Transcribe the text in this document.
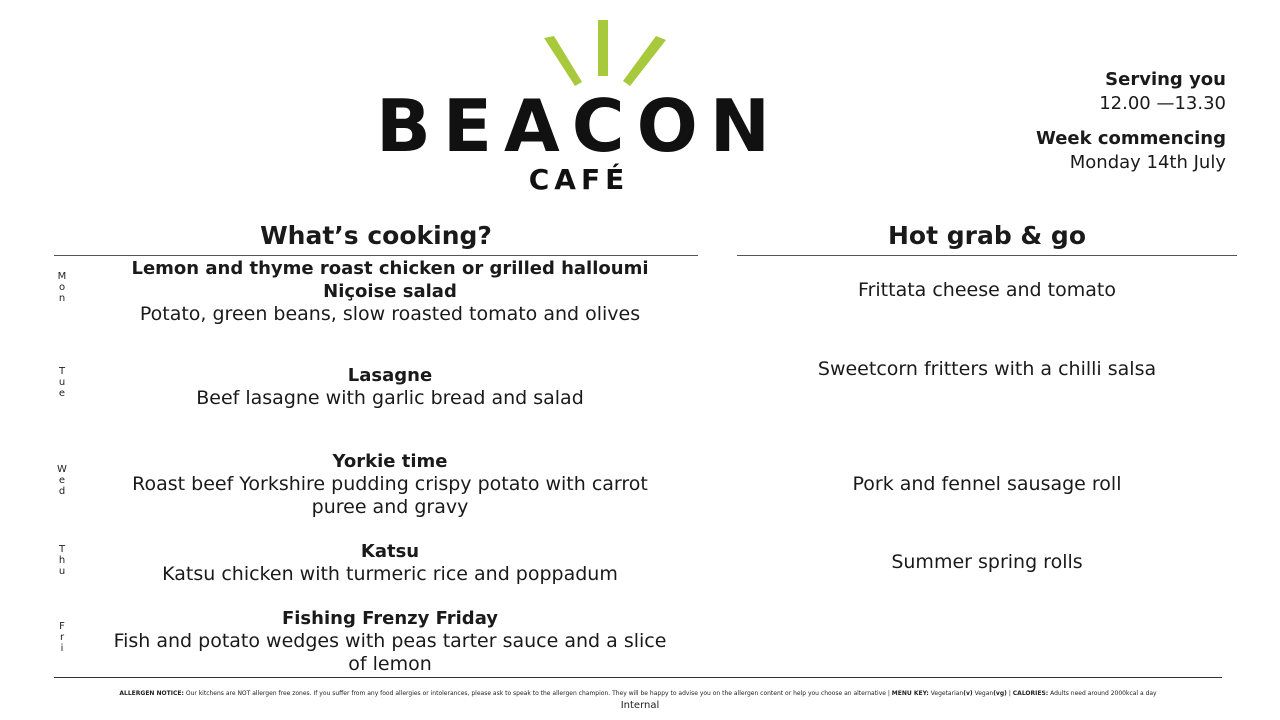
BEACON
CAFÉ
Serving you
12.00 —13.30
Week commencing
Monday 14th July
What’s cooking?	Hot grab & go
M
o
n
Lemon and thyme roast chicken or grilled halloumi
Niçoise salad
Potato, green beans, slow roasted tomato and olives
Frittata cheese and tomato
T
u
e
Lasagne
Beef lasagne with garlic bread and salad
Sweetcorn fritters with a chilli salsa
W
e
d
Yorkie time
Roast beef Yorkshire pudding crispy potato with carrot puree and gravy
Pork and fennel sausage roll
T
h
u
Katsu
Katsu chicken with turmeric rice and poppadum
Summer spring rolls
F
r
i
Fishing Frenzy Friday
Fish and potato wedges with peas tarter sauce and a slice of lemon
ALLERGEN NOTICE: Our kitchens are NOT allergen free zones. If you suffer from any food allergies or intolerances, please ask to speak to the allergen champion. They will be happy to advise you on the allergen content or help you choose an alternative | MENU KEY: Vegetarian(v) Vegan(vg) | CALORIES: Adults need around 2000kcal a day
Internal
